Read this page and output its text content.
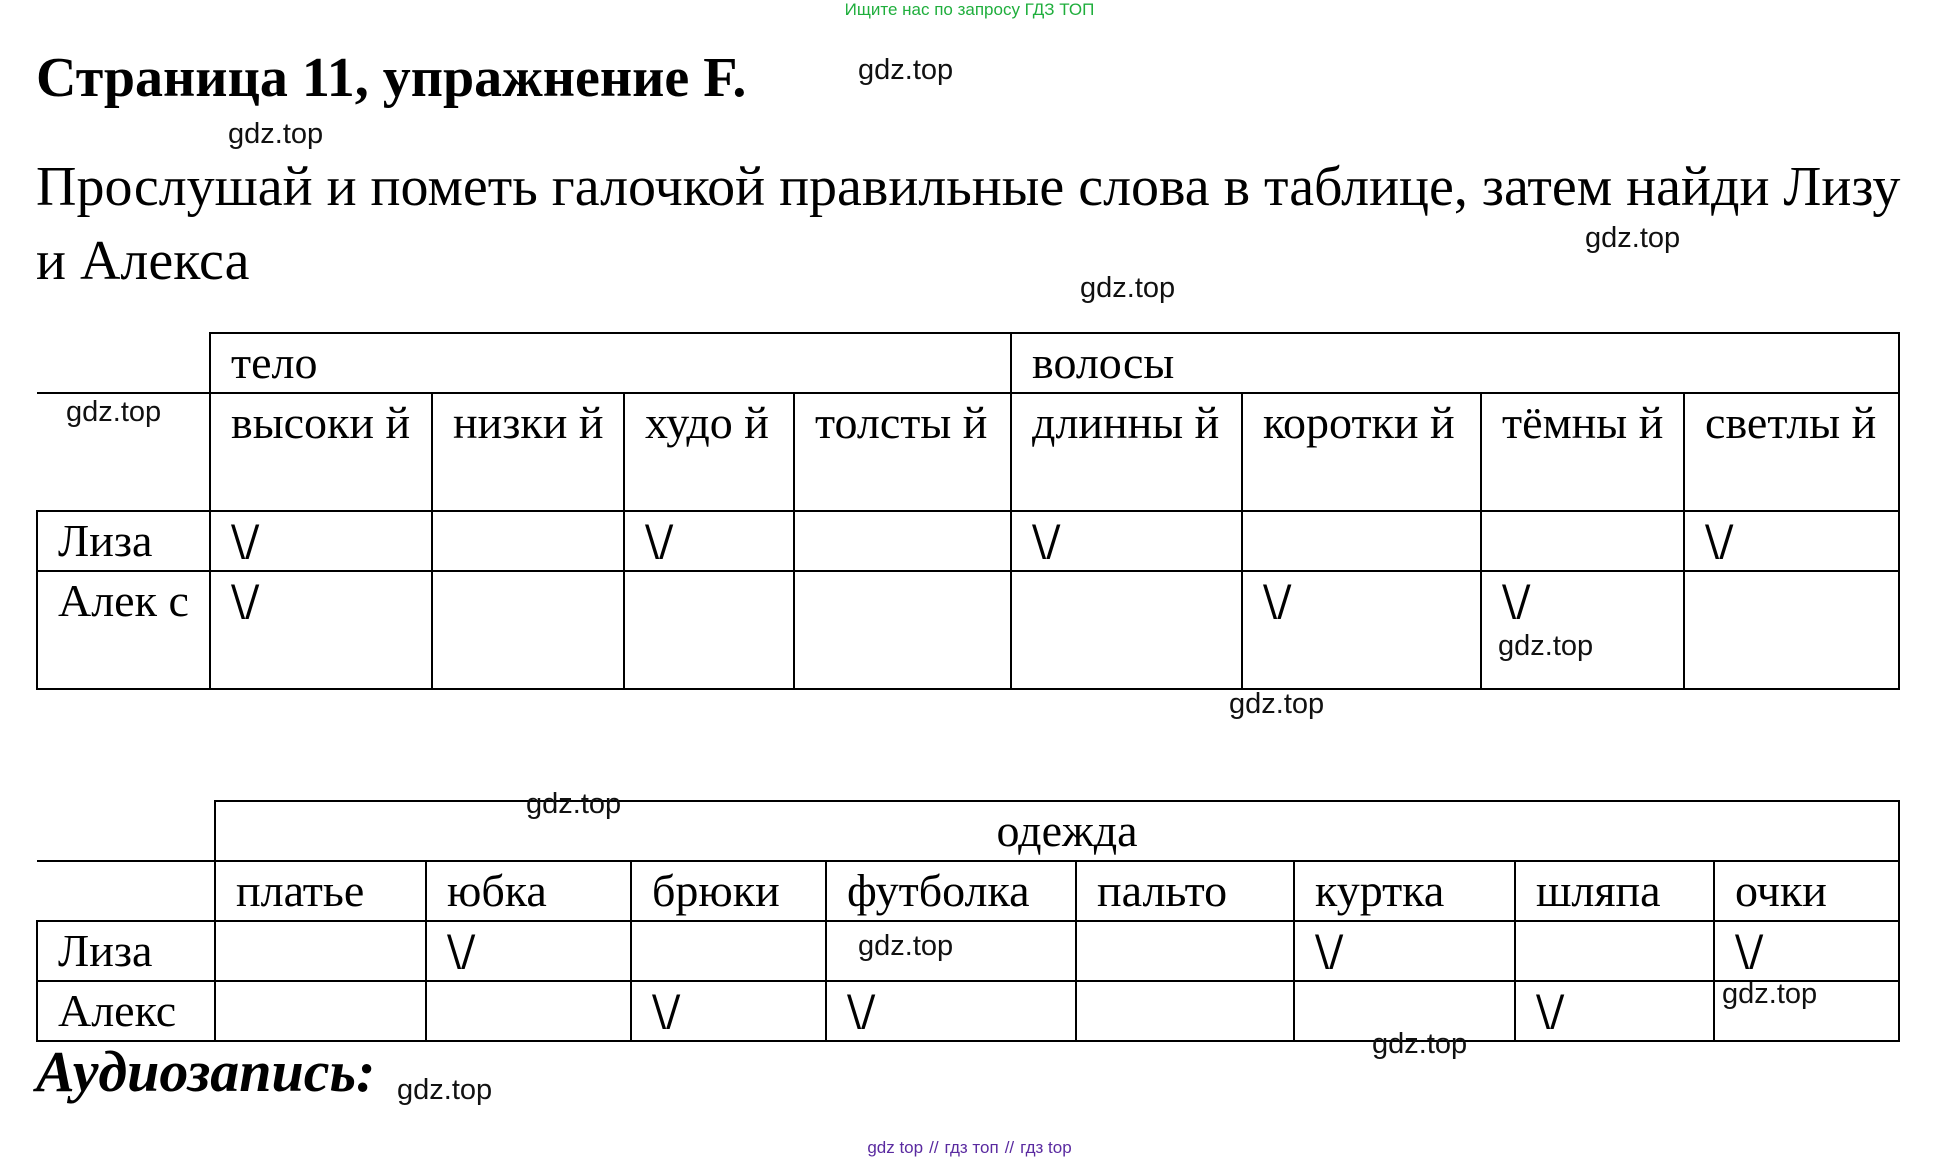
Ищите нас по запросу ГДЗ ТОП
Страница 11, упражнение F.
Прослушай и пометь галочкой правильные слова в таблице, затем найди Лизу и Алекса
	тело				волосы			
	высоки й	низки й	худо й	толсты й	длинны й	коротки й	тёмны й	светлы й
Лиза	\/		\/		\/			\/
Алек с	\/					\/	\/	
	одежда							
	платье	юбка	брюки	футболка	пальто	куртка	шляпа	очки
Лиза		\/				\/		\/
Алекс			\/	\/			\/	
Аудиозапись:
gdz.top
gdz.top
gdz.top
gdz.top
gdz.top
gdz.top
gdz.top
gdz.top
gdz.top
gdz.top
gdz.top
gdz.top
gdz top // гдз топ // гдз top
